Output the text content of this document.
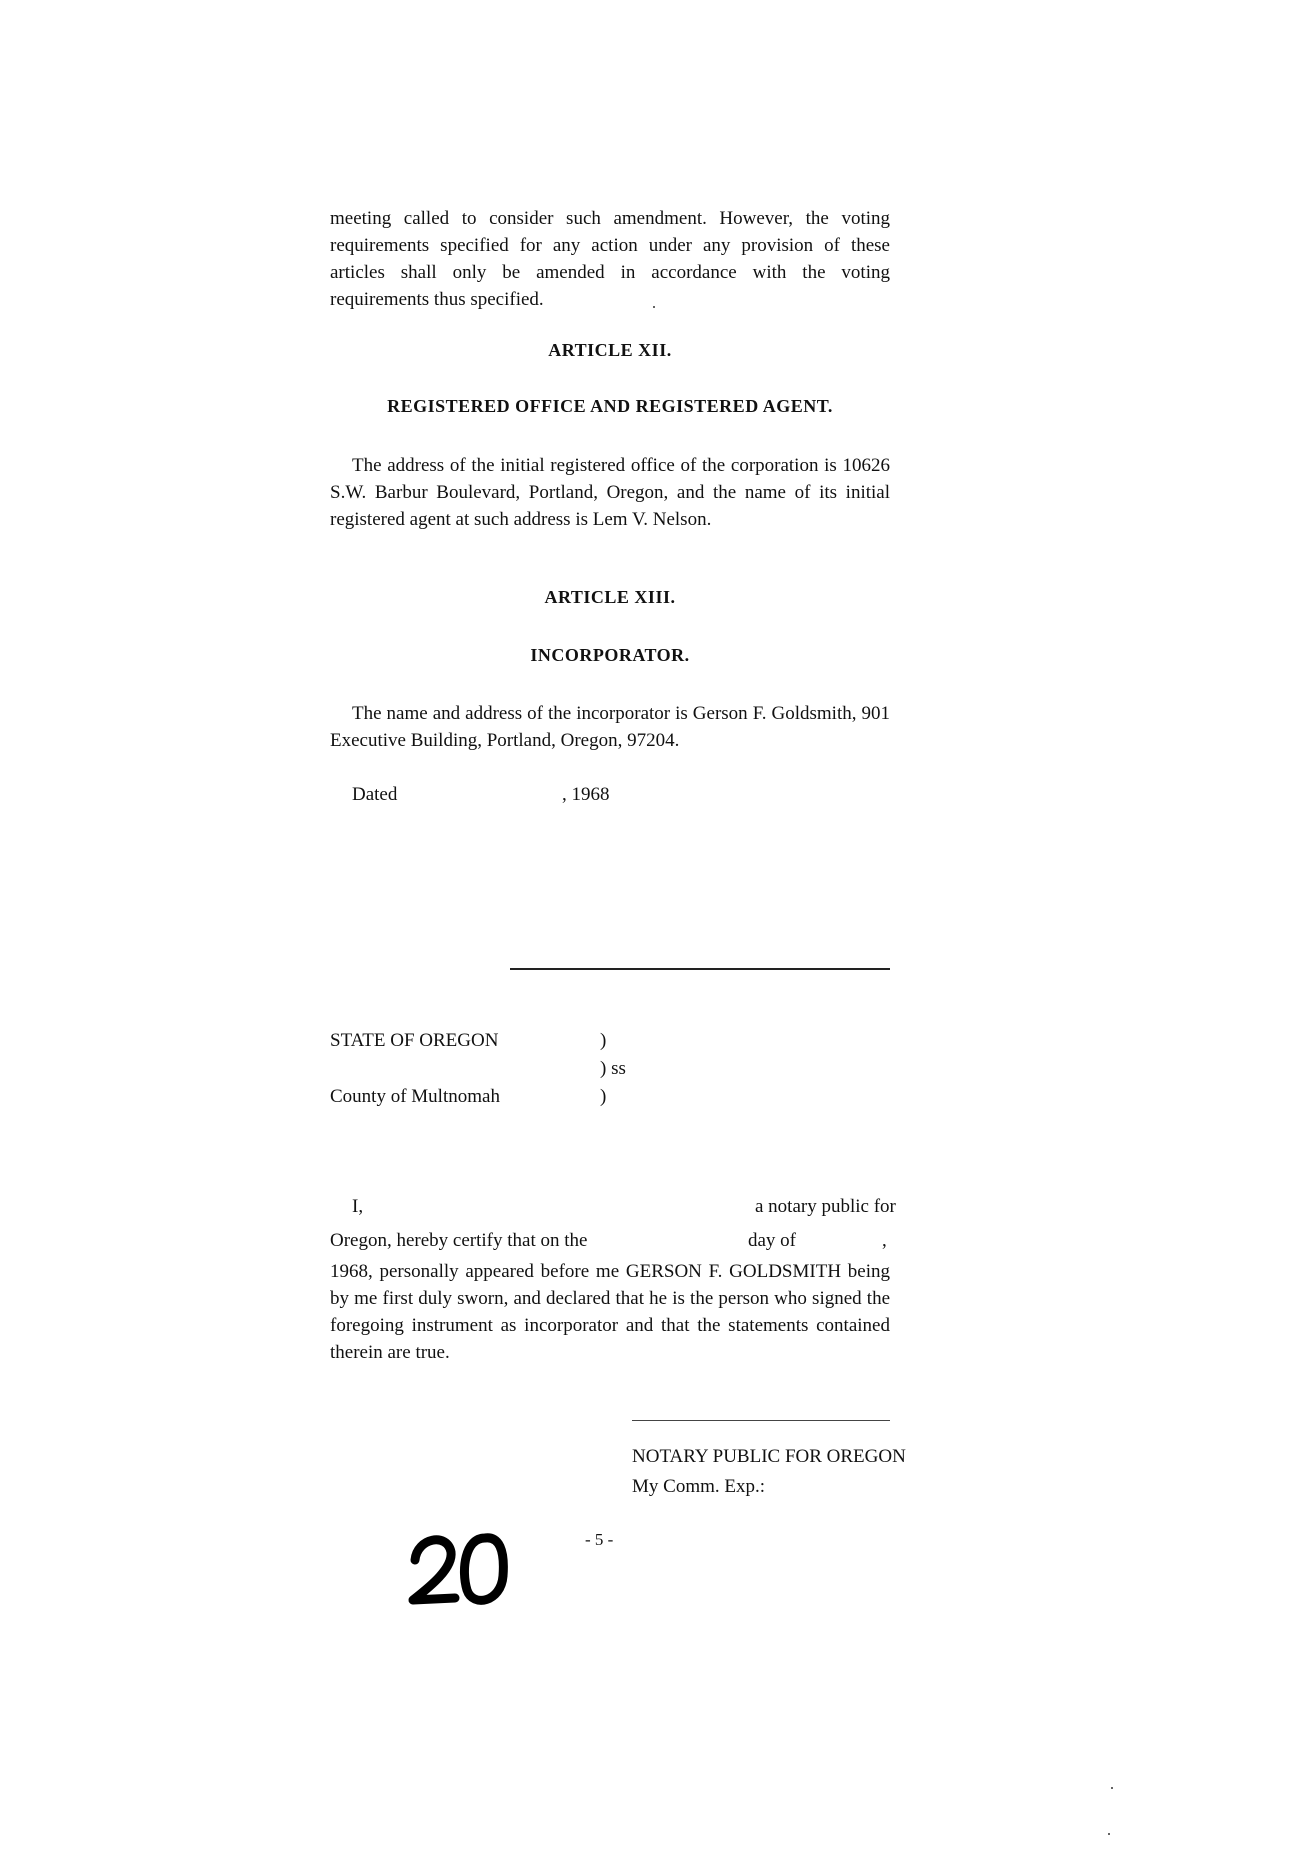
meeting called to consider such amendment. However, the voting requirements specified for any action under any provision of these articles shall only be amended in accordance with the voting requirements thus specified.

ARTICLE XII.
REGISTERED OFFICE AND REGISTERED AGENT.

The address of the initial registered office of the corporation is 10626 S.W. Barbur Boulevard, Portland, Oregon, and the name of its initial registered agent at such address is Lem V. Nelson.

ARTICLE XIII.
INCORPORATOR.

The name and address of the incorporator is Gerson F. Goldsmith, 901 Executive Building, Portland, Oregon, 97204.

Dated	, 1968
STATE OF OREGON	)
) ss
County of Multnomah	)
I,	a notary public for
Oregon, hereby certify that on the	day of	,

1968, personally appeared before me GERSON F. GOLDSMITH being by me first duly sworn, and declared that he is the person who signed the foregoing instrument as incorporator and that the statements contained therein are true.

NOTARY PUBLIC FOR OREGON
My Comm. Exp.:
- 5 -
